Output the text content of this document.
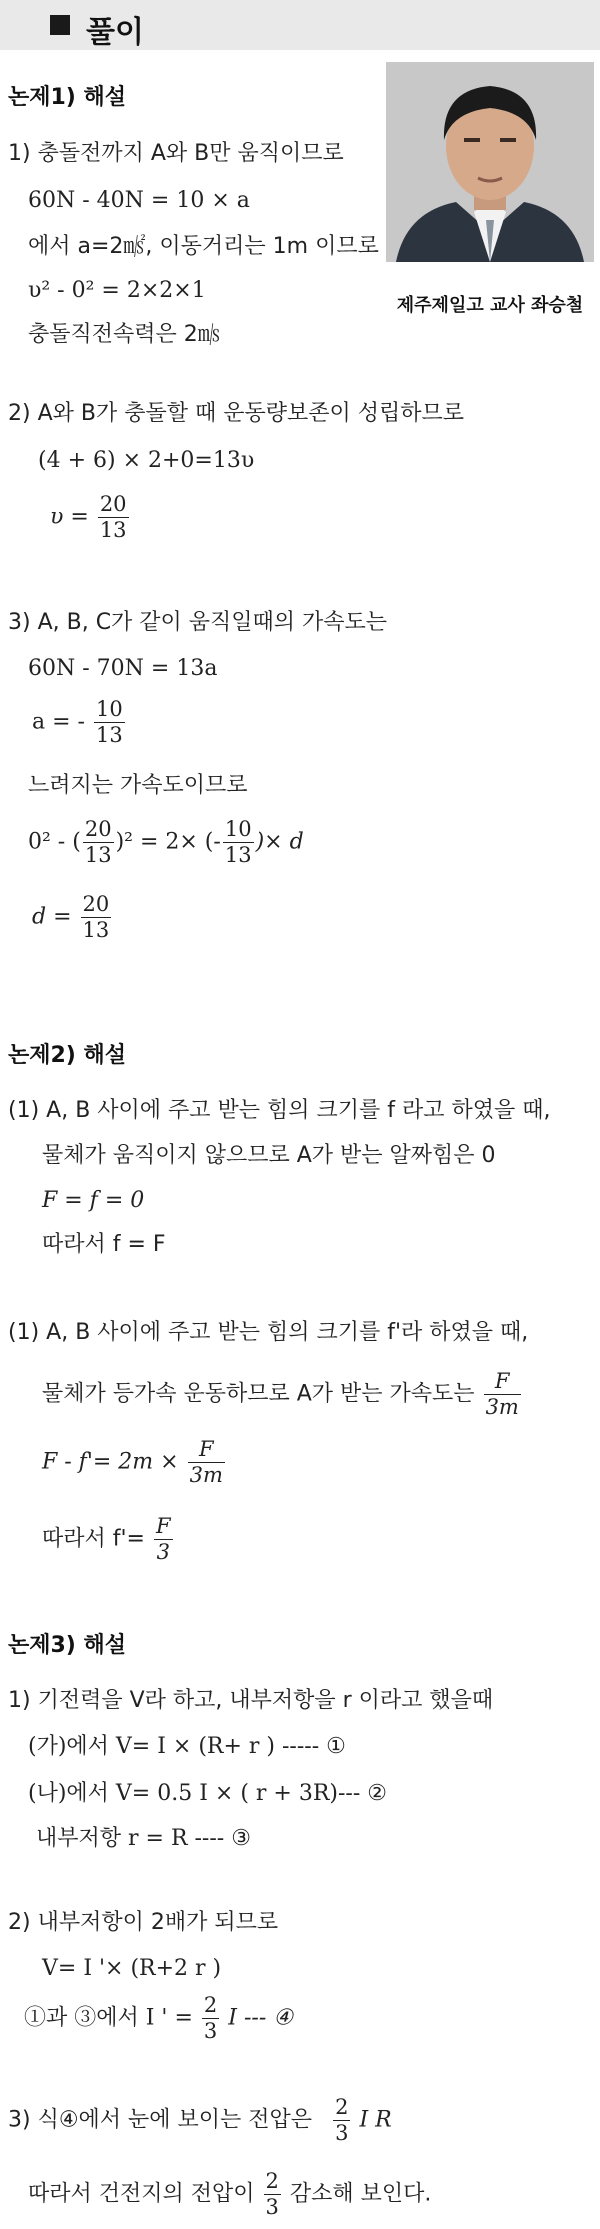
풀이
제주제일고 교사 좌승철
논제1) 해설
1) 충돌전까지 A와 B만 움직이므로
60N - 40N = 10 × a
에서 a=2㎨, 이동거리는 1m 이므로
υ² - 0² = 2×2×1
충돌직전속력은 2㎧
2) A와 B가 충돌할 때 운동량보존이 성립하므로
(4 + 6) × 2+0=13υ
$\upsilon = \frac{20}{13}$
3) A, B, C가 같이 움직일때의 가속도는
60N - 70N = 13a
a = - $\frac{10}{13}$
느려지는 가속도이므로
0² - ( $\frac{20}{13} )^2 = 2\times$ (- $\frac{10}{13}$ )× d
$d = \frac{20}{13}$
논제2) 해설
(1) A, B 사이에 주고 받는 힘의 크기를 f 라고 하였을 때,
물체가 움직이지 않으므로 A가 받는 알짜힘은 0
F = f = 0
따라서 f = F
(1) A, B 사이에 주고 받는 힘의 크기를 f'라 하였을 때,
물체가 등가속 운동하므로 A가 받는 가속도는 $\frac{F}{3m}$
$F - f'= 2m \times \frac{F}{3m}$
따라서 $f'= \frac{F}{3}$
논제3) 해설
1) 기전력을 V라 하고, 내부저항을 r 이라고 했을때
(가)에서 V= I × (R+ r ) ----- ①
(나)에서 V= 0.5 I × ( r + 3R)--- ②
내부저항 r = R ---- ③
2) 내부저항이 2배가 되므로
V= I '× (R+2 r )
①과 ③에서 I ' = $\frac{2}{3}$ I --- ④
3) 식④에서 눈에 보이는 전압은 $\frac{2}{3}$ I R
따라서 건전지의 전압이 $\frac{2}{3}$ 감소해 보인다.
